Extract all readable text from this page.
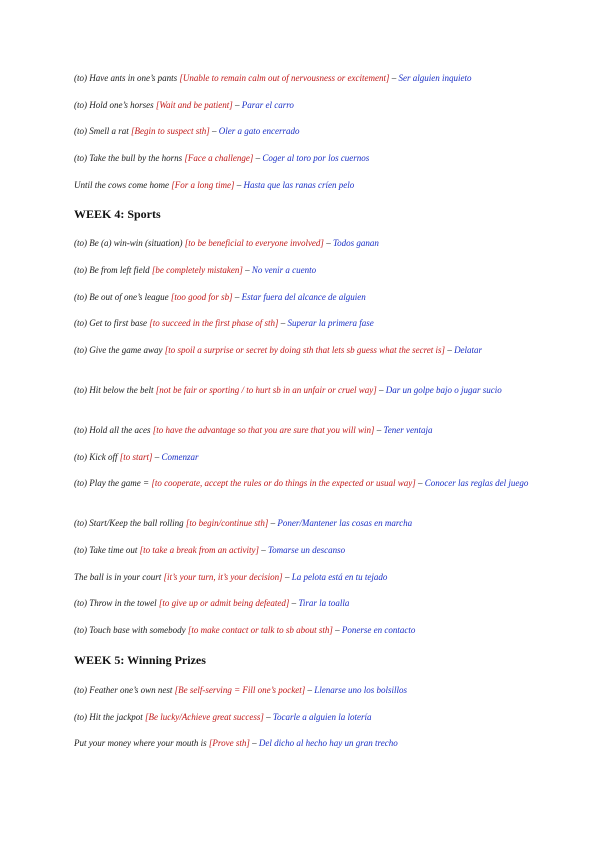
(to) Have ants in one’s pants [Unable to remain calm out of nervousness or excitement] – Ser alguien inquieto
(to) Hold one’s horses [Wait and be patient] – Parar el carro
(to) Smell a rat [Begin to suspect sth] – Oler a gato encerrado
(to) Take the bull by the horns [Face a challenge] – Coger al toro por los cuernos
Until the cows come home [For a long time] – Hasta que las ranas críen pelo
WEEK 4: Sports
(to) Be (a) win-win (situation) [to be beneficial to everyone involved] – Todos ganan
(to) Be from left field [be completely mistaken] – No venir a cuento
(to) Be out of one’s league [too good for sb] – Estar fuera del alcance de alguien
(to) Get to first base [to succeed in the first phase of sth] – Superar la primera fase
(to) Give the game away [to spoil a surprise or secret by doing sth that lets sb guess what the secret is] – Delatar
(to) Hit below the belt [not be fair or sporting / to hurt sb in an unfair or cruel way] – Dar un golpe bajo o jugar sucio
(to) Hold all the aces [to have the advantage so that you are sure that you will win] – Tener ventaja
(to) Kick off [to start] – Comenzar
(to) Play the game = [to cooperate, accept the rules or do things in the expected or usual way] – Conocer las reglas del juego
(to) Start/Keep the ball rolling [to begin/continue sth] – Poner/Mantener las cosas en marcha
(to) Take time out [to take a break from an activity] – Tomarse un descanso
The ball is in your court [it’s your turn, it’s your decision] – La pelota está en tu tejado
(to) Throw in the towel [to give up or admit being defeated] – Tirar la toalla
(to) Touch base with somebody [to make contact or talk to sb about sth] – Ponerse en contacto
WEEK 5: Winning Prizes
(to) Feather one’s own nest [Be self-serving = Fill one’s pocket] – Llenarse uno los bolsillos
(to) Hit the jackpot [Be lucky/Achieve great success] – Tocarle a alguien la lotería
Put your money where your mouth is [Prove sth] – Del dicho al hecho hay un gran trecho
